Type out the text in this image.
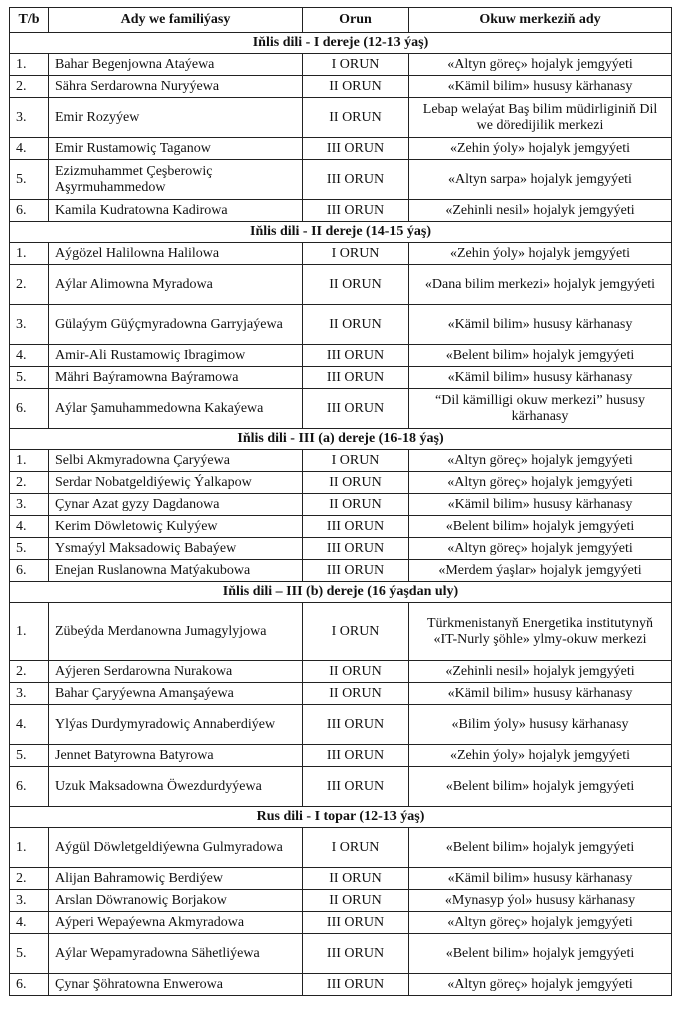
T/b	Ady we familiýasy	Orun	Okuw merkeziň ady
Iňlis dili - I dereje (12-13 ýaş)			
1.	Bahar Begenjowna Ataýewa	I ORUN	«Altyn göreç» hojalyk jemgyýeti
2.	Sähra Serdarowna Nuryýewa	II ORUN	«Kämil bilim» hususy kärhanasy
3.	Emir Rozyýew	II ORUN	Lebap welaýat Baş bilim müdirliginiň Dil we döredijilik merkezi
4.	Emir Rustamowiç Taganow	III ORUN	«Zehin ýoly» hojalyk jemgyýeti
5.	Ezizmuhammet Çeşberowiç Aşyrmuhammedow	III ORUN	«Altyn sarpa» hojalyk jemgyýeti
6.	Kamila Kudratowna Kadirowa	III ORUN	«Zehinli nesil» hojalyk jemgyýeti
Iňlis dili - II dereje (14-15 ýaş)			
1.	Aýgözel Halilowna Halilowa	I ORUN	«Zehin ýoly» hojalyk jemgyýeti
2.	Aýlar Alimowna Myradowa	II ORUN	«Dana bilim merkezi» hojalyk jemgyýeti
3.	Gülaýym Güýçmyradowna Garryjaýewa	II ORUN	«Kämil bilim» hususy kärhanasy
4.	Amir-Ali Rustamowiç Ibragimow	III ORUN	«Belent bilim» hojalyk jemgyýeti
5.	Mähri Baýramowna Baýramowa	III ORUN	«Kämil bilim» hususy kärhanasy
6.	Aýlar Şamuhammedowna Kakaýewa	III ORUN	“Dil kämilligi okuw merkezi” hususy kärhanasy
Iňlis dili - III (a) dereje (16-18 ýaş)			
1.	Selbi Akmyradowna Çaryýewa	I ORUN	«Altyn göreç» hojalyk jemgyýeti
2.	Serdar Nobatgeldiýewiç Ýalkapow	II ORUN	«Altyn göreç» hojalyk jemgyýeti
3.	Çynar Azat gyzy Dagdanowa	II ORUN	«Kämil bilim» hususy kärhanasy
4.	Kerim Döwletowiç Kulyýew	III ORUN	«Belent bilim» hojalyk jemgyýeti
5.	Ysmaýyl Maksadowiç Babaýew	III ORUN	«Altyn göreç» hojalyk jemgyýeti
6.	Enejan Ruslanowna Matýakubowa	III ORUN	«Merdem ýaşlar» hojalyk jemgyýeti
Iňlis dili – III (b) dereje (16 ýaşdan uly)			
1.	Zübeýda Merdanowna Jumagylyjowa	I ORUN	Türkmenistanyň Energetika institutynyň «IT-Nurly şöhle» ylmy-okuw merkezi
2.	Aýjeren Serdarowna Nurakowa	II ORUN	«Zehinli nesil» hojalyk jemgyýeti
3.	Bahar Çaryýewna Amanşaýewa	II ORUN	«Kämil bilim» hususy kärhanasy
4.	Ylýas Durdymyradowiç Annaberdiýew	III ORUN	«Bilim ýoly» hususy kärhanasy
5.	Jennet Batyrowna Batyrowa	III ORUN	«Zehin ýoly» hojalyk jemgyýeti
6.	Uzuk Maksadowna Öwezdurdyýewa	III ORUN	«Belent bilim» hojalyk jemgyýeti
Rus dili - I topar (12-13 ýaş)			
1.	Aýgül Döwletgeldiýewna Gulmyradowa	I ORUN	«Belent bilim» hojalyk jemgyýeti
2.	Alijan Bahramowiç Berdiýew	II ORUN	«Kämil bilim» hususy kärhanasy
3.	Arslan Döwranowiç Borjakow	II ORUN	«Mynasyp ýol» hususy kärhanasy
4.	Aýperi Wepaýewna Akmyradowa	III ORUN	«Altyn göreç» hojalyk jemgyýeti
5.	Aýlar Wepamyradowna Sähetliýewa	III ORUN	«Belent bilim» hojalyk jemgyýeti
6.	Çynar Şöhratowna Enwerowa	III ORUN	«Altyn göreç» hojalyk jemgyýeti
